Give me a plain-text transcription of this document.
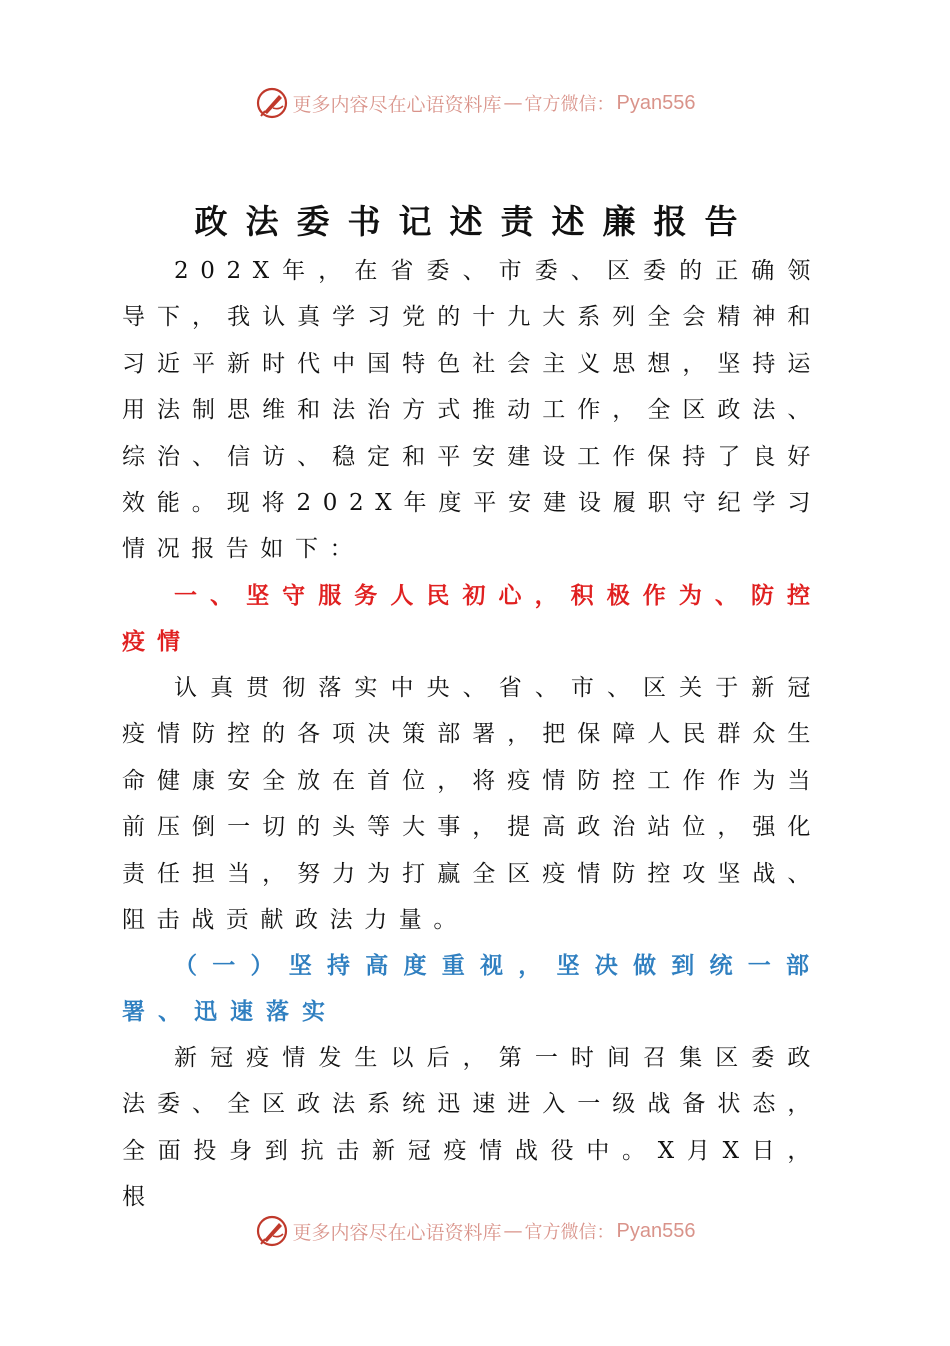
更多内容尽在心语资料库 — 官方微信： Pyan556
政法委书记述责述廉报告

202X年，在省委、市委、区委的正确领导下，我认真学习党的十九大系列全会精神和习近平新时代中国特色社会主义思想，坚持运用法制思维和法治方式推动工作，全区政法、综治、信访、稳定和平安建设工作保持了良好效能。现将202X年度平安建设履职守纪学习情况报告如下：

一、坚守服务人民初心，积极作为、防控疫情

认真贯彻落实中央、省、市、区关于新冠疫情防控的各项决策部署，把保障人民群众生命健康安全放在首位，将疫情防控工作作为当前压倒一切的头等大事，提高政治站位，强化责任担当，努力为打赢全区疫情防控攻坚战、阻击战贡献政法力量。

（一）坚持高度重视，坚决做到统一部署、迅速落实

新冠疫情发生以后，第一时间召集区委政法委、全区政法系统迅速进入一级战备状态，全面投身到抗击新冠疫情战役中。X月X日，根

更多内容尽在心语资料库 — 官方微信： Pyan556
